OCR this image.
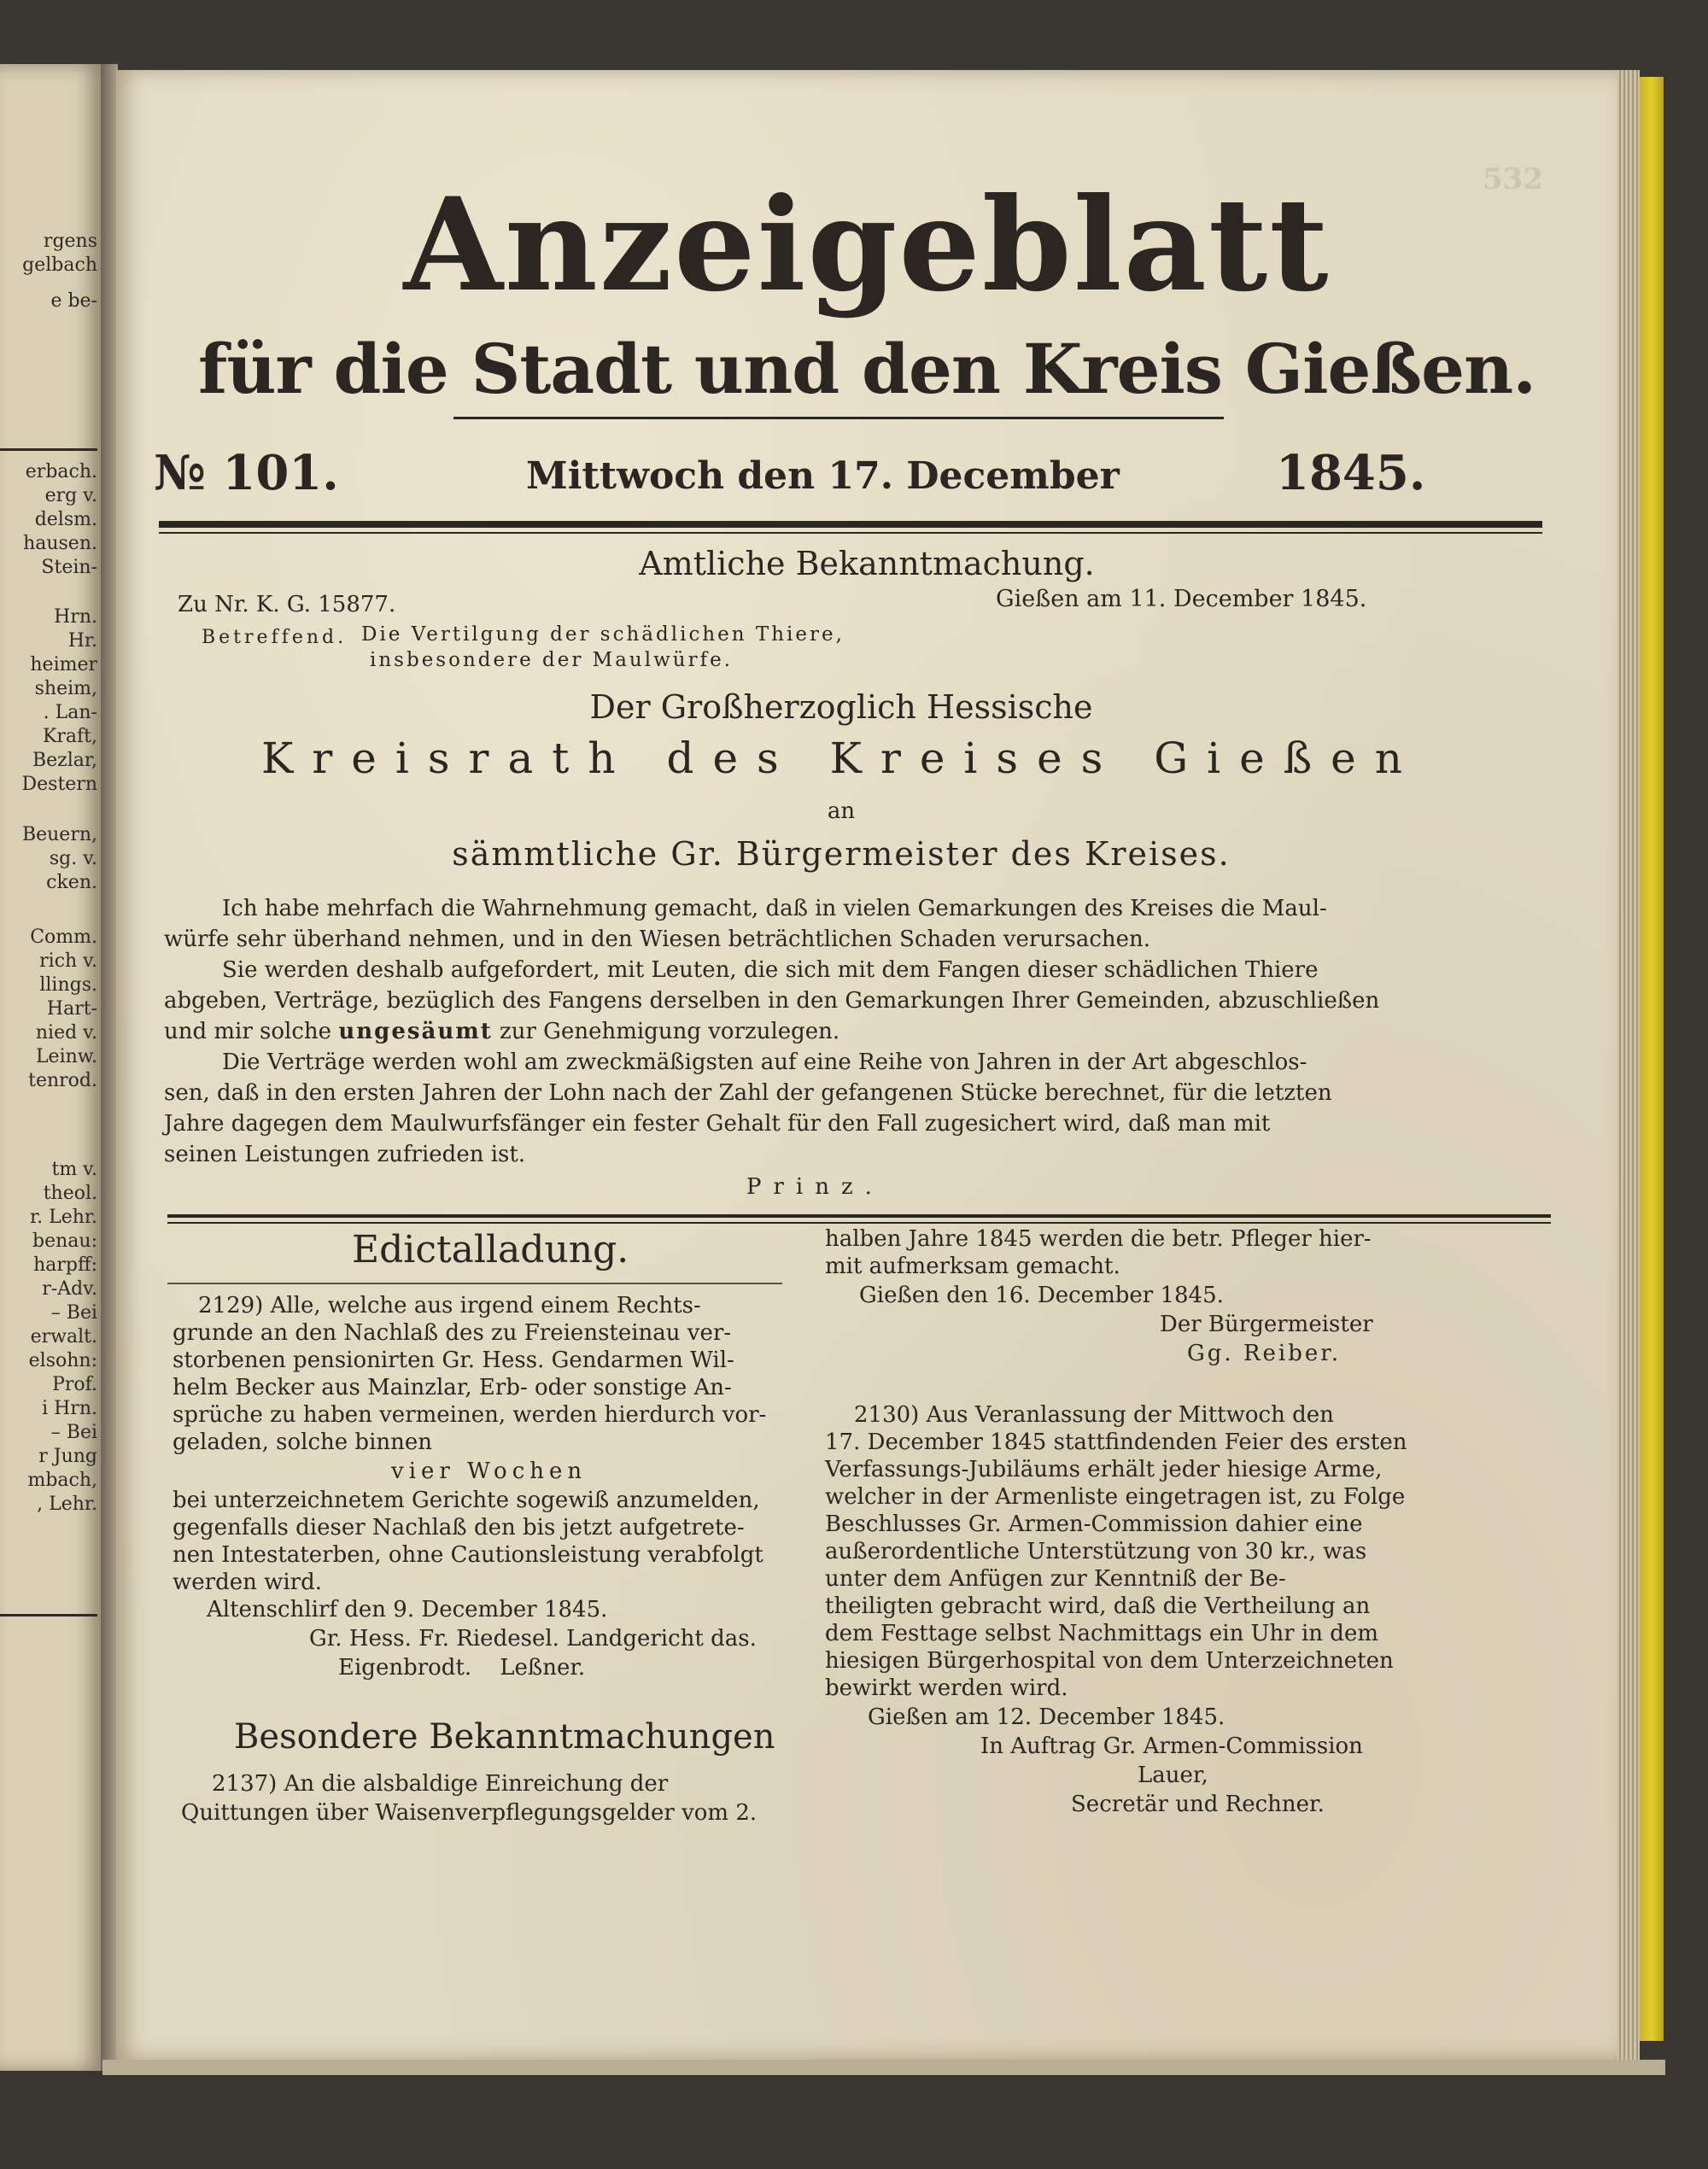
rgens
gelbach
e be-
erbach.
erg v.
delsm.
hausen.
Stein-
Hrn.
Hr.
heimer
sheim,
. Lan-
Kraft,
Bezlar,
Destern
Beuern,
sg. v.
cken.
Comm.
rich v.
llings.
Hart-
nied v.
Leinw.
tenrod.
tm v.
theol.
r. Lehr.
benau:
harpff:
r-Adv.
– Bei
erwalt.
elsohn:
Prof.
i Hrn.
– Bei
r Jung
mbach,
, Lehr.
532
Anzeigeblatt
für die Stadt und den Kreis Gießen.
№ 101.	Mittwoch den 17. December	1845.
Amtliche Bekanntmachung.
Zu Nr. K. G. 15877.	Gießen am 11. December 1845.
Betreffend. Die Vertilgung der schädlichen Thiere,
insbesondere der Maulwürfe.
Der Großherzoglich Hessische
Kreisrath des Kreises Gießen
an
sämmtliche Gr. Bürgermeister des Kreises.
Ich habe mehrfach die Wahrnehmung gemacht, daß in vielen Gemarkungen des Kreises die Maul-
würfe sehr überhand nehmen, und in den Wiesen beträchtlichen Schaden verursachen.
Sie werden deshalb aufgefordert, mit Leuten, die sich mit dem Fangen dieser schädlichen Thiere
abgeben, Verträge, bezüglich des Fangens derselben in den Gemarkungen Ihrer Gemeinden, abzuschließen
und mir solche ungesäumt zur Genehmigung vorzulegen.
Die Verträge werden wohl am zweckmäßigsten auf eine Reihe von Jahren in der Art abgeschlos-
sen, daß in den ersten Jahren der Lohn nach der Zahl der gefangenen Stücke berechnet, für die letzten
Jahre dagegen dem Maulwurfsfänger ein fester Gehalt für den Fall zugesichert wird, daß man mit
seinen Leistungen zufrieden ist.
Prinz.
Edictalladung.
2129) Alle, welche aus irgend einem Rechts-
grunde an den Nachlaß des zu Freiensteinau ver-
storbenen pensionirten Gr. Hess. Gendarmen Wil-
helm Becker aus Mainzlar, Erb- oder sonstige An-
sprüche zu haben vermeinen, werden hierdurch vor-
geladen, solche binnen
vier Wochen
bei unterzeichnetem Gerichte sogewiß anzumelden,
gegenfalls dieser Nachlaß den bis jetzt aufgetrete-
nen Intestaterben, ohne Cautionsleistung verabfolgt
werden wird.
Altenschlirf den 9. December 1845.
Gr. Hess. Fr. Riedesel. Landgericht das.
Eigenbrodt.    Leßner.
Besondere Bekanntmachungen
2137) An die alsbaldige Einreichung der
Quittungen über Waisenverpflegungsgelder vom 2.
halben Jahre 1845 werden die betr. Pfleger hier-
mit aufmerksam gemacht.
Gießen den 16. December 1845.
Der Bürgermeister
Gg. Reiber.
2130) Aus Veranlassung der Mittwoch den
17. December 1845 stattfindenden Feier des ersten
Verfassungs-Jubiläums erhält jeder hiesige Arme,
welcher in der Armenliste eingetragen ist, zu Folge
Beschlusses Gr. Armen-Commission dahier eine
außerordentliche Unterstützung von 30 kr., was
unter dem Anfügen zur Kenntniß der Be-
theiligten gebracht wird, daß die Vertheilung an
dem Festtage selbst Nachmittags ein Uhr in dem
hiesigen Bürgerhospital von dem Unterzeichneten
bewirkt werden wird.
Gießen am 12. December 1845.
In Auftrag Gr. Armen-Commission
Lauer,
Secretär und Rechner.
